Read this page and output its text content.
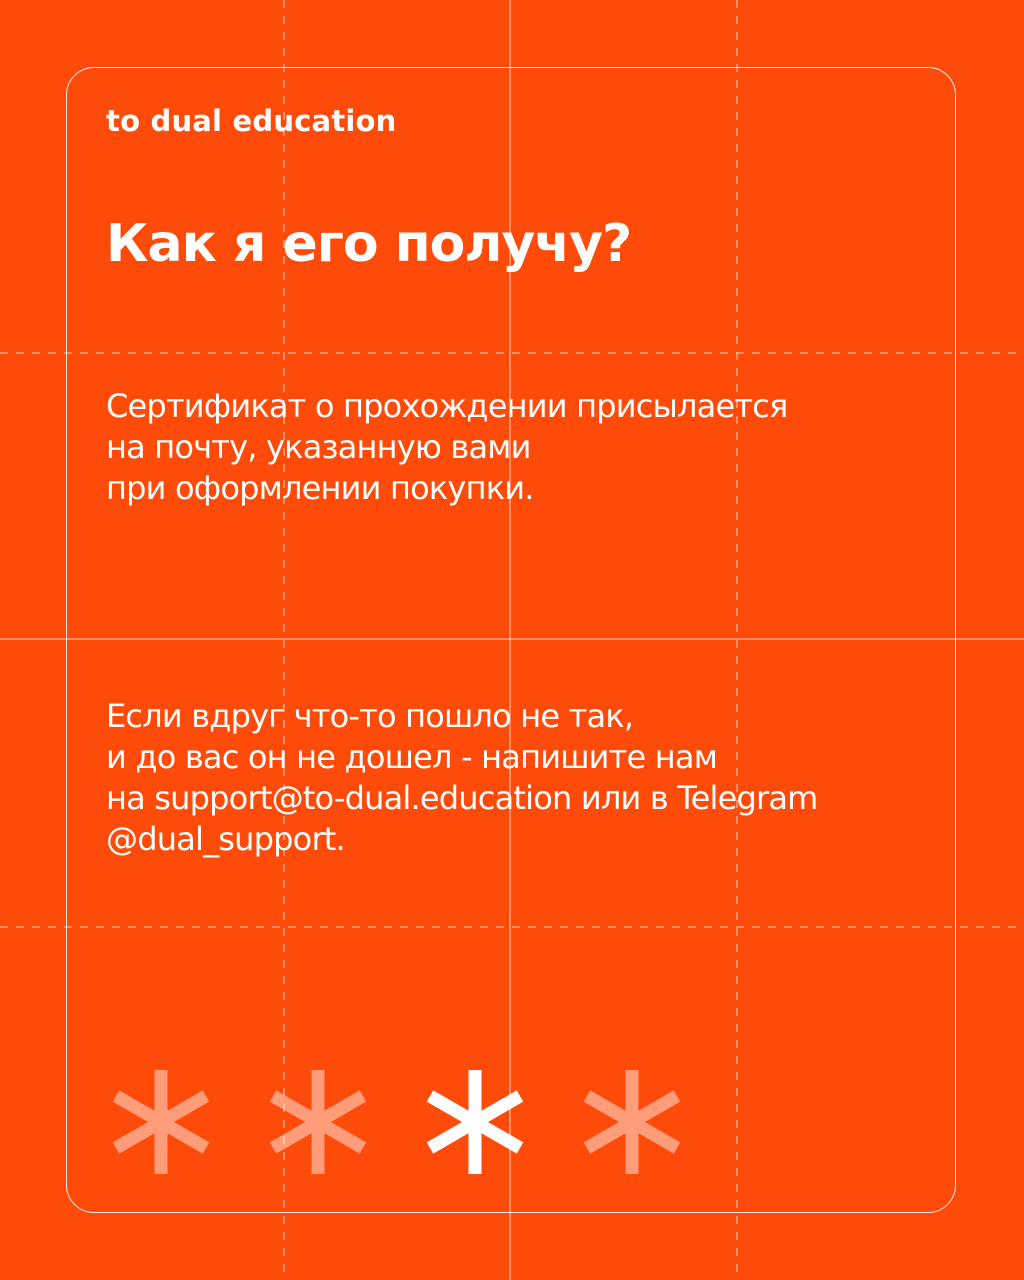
to dual education
Как я его получу?
Сертификат о прохождении присылается
на почту, указанную вами
при оформлении покупки.
Если вдруг что-то пошло не так,
и до вас он не дошел - напишите нам
на support@to-dual.education или в Telegram
@dual_support.
